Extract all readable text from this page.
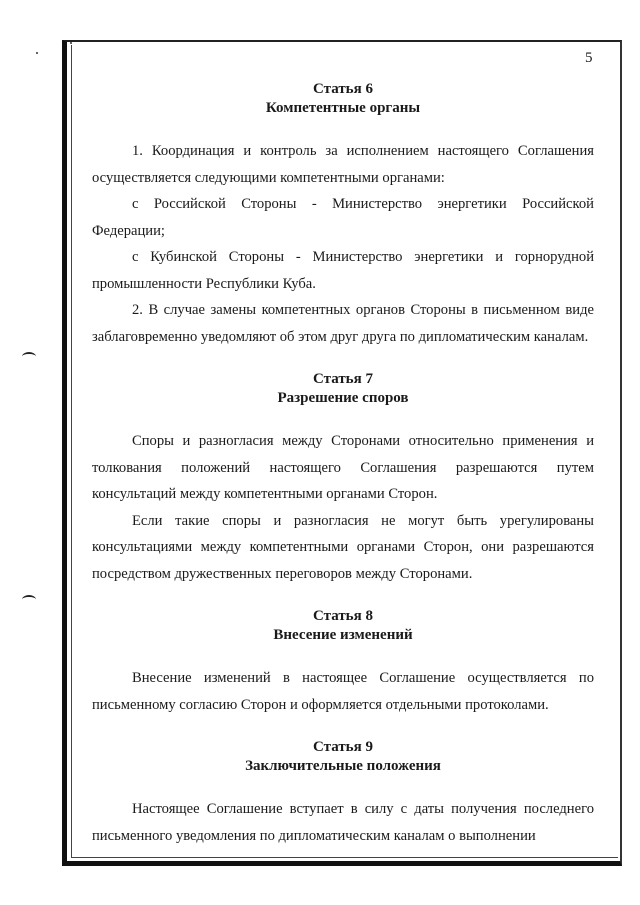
5
Статья 6
Компетентные органы

1. Координация и контроль за исполнением настоящего Соглашения осуществляется следующими компетентными органами:

с Российской Стороны - Министерство энергетики Российской Федерации;

с Кубинской Стороны - Министерство энергетики и горнорудной промышленности Республики Куба.

2. В случае замены компетентных органов Стороны в письменном виде заблаговременно уведомляют об этом друг друга по дипломатическим каналам.

Статья 7
Разрешение споров

Споры и разногласия между Сторонами относительно применения и толкования положений настоящего Соглашения разрешаются путем консультаций между компетентными органами Сторон.

Если такие споры и разногласия не могут быть урегулированы консультациями между компетентными органами Сторон, они разрешаются посредством дружественных переговоров между Сторонами.

Статья 8
Внесение изменений

Внесение изменений в настоящее Соглашение осуществляется по письменному согласию Сторон и оформляется отдельными протоколами.

Статья 9
Заключительные положения

Настоящее Соглашение вступает в силу с даты получения последнего письменного уведомления по дипломатическим каналам о выполнении
